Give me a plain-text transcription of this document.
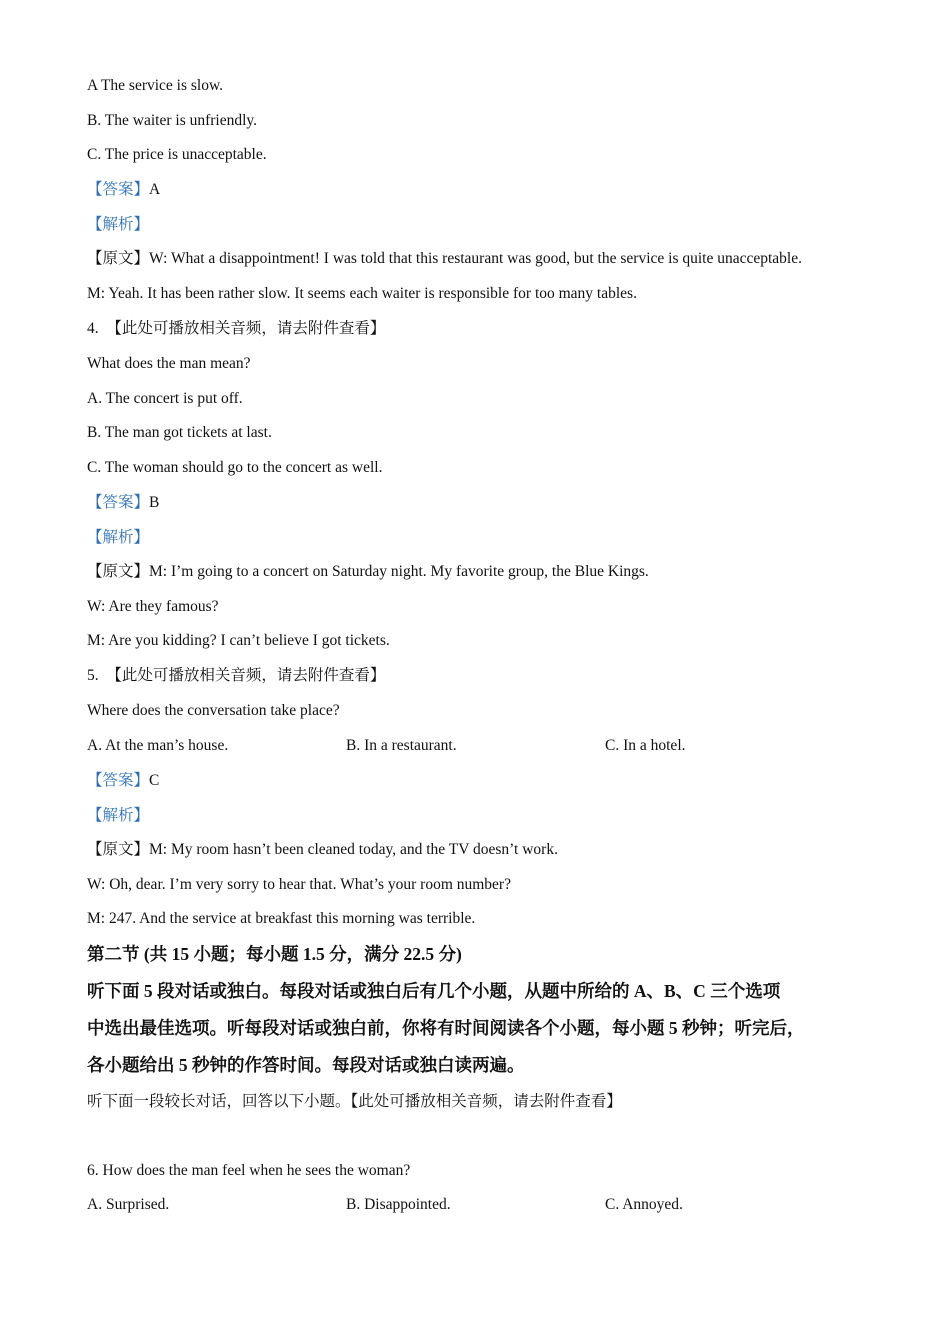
A The service is slow.
B. The waiter is unfriendly.
C. The price is unacceptable.
【答案】A
【解析】
【原文】W: What a disappointment! I was told that this restaurant was good, but the service is quite unacceptable.
M: Yeah. It has been rather slow. It seems each waiter is responsible for too many tables.
4. 【此处可播放相关音频，请去附件查看】
What does the man mean?
A. The concert is put off.
B. The man got tickets at last.
C. The woman should go to the concert as well.
【答案】B
【解析】
【原文】M: I’m going to a concert on Saturday night. My favorite group, the Blue Kings.
W: Are they famous?
M: Are you kidding? I can’t believe I got tickets.
5. 【此处可播放相关音频，请去附件查看】
Where does the conversation take place?
A. At the man’s house.	B. In a restaurant.	C. In a hotel.
【答案】C
【解析】
【原文】M: My room hasn’t been cleaned today, and the TV doesn’t work.
W: Oh, dear. I’m very sorry to hear that. What’s your room number?
M: 247. And the service at breakfast this morning was terrible.
第二节 (共 15 小题；每小题 1.5 分，满分 22.5 分)
听下面 5 段对话或独白。每段对话或独白后有几个小题，从题中所给的 A、B、C 三个选项
中选出最佳选项。听每段对话或独白前，你将有时间阅读各个小题，每小题 5 秒钟；听完后，
各小题给出 5 秒钟的作答时间。每段对话或独白读两遍。
听下面一段较长对话，回答以下小题。【此处可播放相关音频，请去附件查看】
6. How does the man feel when he sees the woman?
A. Surprised.	B. Disappointed.	C. Annoyed.
